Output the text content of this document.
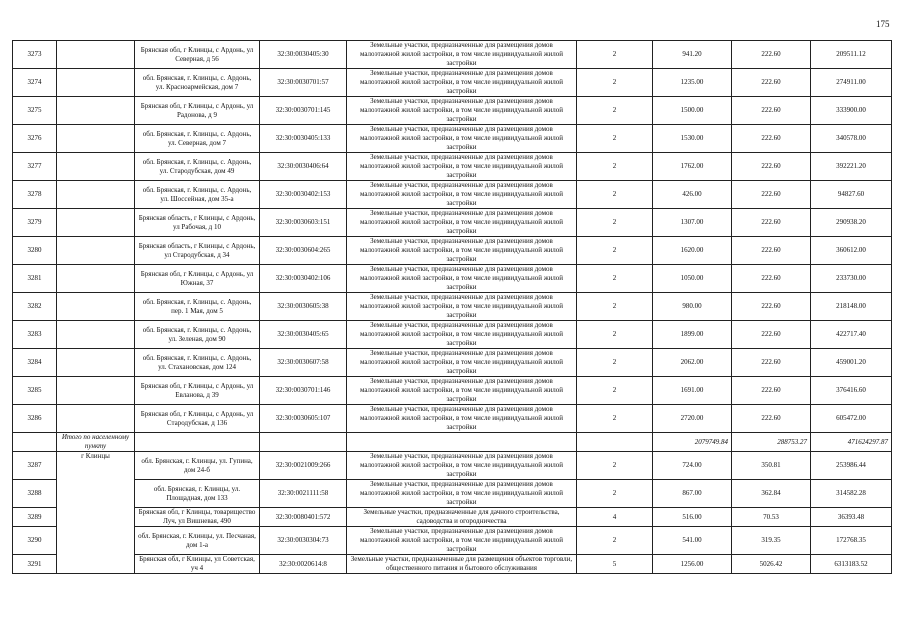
175
3273		Брянская обл, г Клинцы, с Ардонь, ул Северная, д 56	32:30:0030405:30	Земельные участки, предназначенные для размещения домов малоэтажной жилой застройки, в том числе индивидуальной жилой застройки	2	941.20	222.60	209511.12
3274		обл. Брянская, г. Клинцы, с. Ардонь, ул. Красноармейская, дом 7	32:30:0030701:57	Земельные участки, предназначенные для размещения домов малоэтажной жилой застройки, в том числе индивидуальной жилой застройки	2	1235.00	222.60	274911.00
3275		Брянская обл, г Клинцы, с Ардонь, ул Радонова, д 9	32:30:0030701:145	Земельные участки, предназначенные для размещения домов малоэтажной жилой застройки, в том числе индивидуальной жилой застройки	2	1500.00	222.60	333900.00
3276		обл. Брянская, г. Клинцы, с. Ардонь, ул. Северная, дом 7	32:30:0030405:133	Земельные участки, предназначенные для размещения домов малоэтажной жилой застройки, в том числе индивидуальной жилой застройки	2	1530.00	222.60	340578.00
3277		обл. Брянская, г. Клинцы, с. Ардонь, ул. Стародубская, дом 49	32:30:0030406:64	Земельные участки, предназначенные для размещения домов малоэтажной жилой застройки, в том числе индивидуальной жилой застройки	2	1762.00	222.60	392221.20
3278		обл. Брянская, г. Клинцы, с. Ардонь, ул. Шоссейная, дом 35-а	32:30:0030402:153	Земельные участки, предназначенные для размещения домов малоэтажной жилой застройки, в том числе индивидуальной жилой застройки	2	426.00	222.60	94827.60
3279		Брянская область, г Клинцы, с Ардонь, ул Рабочая, д 10	32:30:0030603:151	Земельные участки, предназначенные для размещения домов малоэтажной жилой застройки, в том числе индивидуальной жилой застройки	2	1307.00	222.60	290938.20
3280		Брянская область, г Клинцы, с Ардонь, ул Стародубская, д 34	32:30:0030604:265	Земельные участки, предназначенные для размещения домов малоэтажной жилой застройки, в том числе индивидуальной жилой застройки	2	1620.00	222.60	360612.00
3281		Брянская обл, г Клинцы, с Ардонь, ул Южная, 37	32:30:0030402:106	Земельные участки, предназначенные для размещения домов малоэтажной жилой застройки, в том числе индивидуальной жилой застройки	2	1050.00	222.60	233730.00
3282		обл. Брянская, г. Клинцы, с. Ардонь, пер. 1 Мая, дом 5	32:30:0030605:38	Земельные участки, предназначенные для размещения домов малоэтажной жилой застройки, в том числе индивидуальной жилой застройки	2	980.00	222.60	218148.00
3283		обл. Брянская, г. Клинцы, с. Ардонь, ул. Зеленая, дом 90	32:30:0030405:65	Земельные участки, предназначенные для размещения домов малоэтажной жилой застройки, в том числе индивидуальной жилой застройки	2	1899.00	222.60	422717.40
3284		обл. Брянская, г. Клинцы, с. Ардонь, ул. Стахановская, дом 124	32:30:0030607:58	Земельные участки, предназначенные для размещения домов малоэтажной жилой застройки, в том числе индивидуальной жилой застройки	2	2062.00	222.60	459001.20
3285		Брянская обл, г Клинцы, с Ардонь, ул Евланова, д 39	32:30:0030701:146	Земельные участки, предназначенные для размещения домов малоэтажной жилой застройки, в том числе индивидуальной жилой застройки	2	1691.00	222.60	376416.60
3286		Брянская обл, г Клинцы, с Ардонь, ул Стародубская, д 136	32:30:0030605:107	Земельные участки, предназначенные для размещения домов малоэтажной жилой застройки, в том числе индивидуальной жилой застройки	2	2720.00	222.60	605472.00
	Итого по населенному пункту					2079749.84	288753.27	471624297.87
3287	г Клинцы	обл. Брянская, г. Клинцы, ул. Гупина, дом 24-б	32:30:0021009:266	Земельные участки, предназначенные для размещения домов малоэтажной жилой застройки, в том числе индивидуальной жилой застройки	2	724.00	350.81	253986.44
3288		обл. Брянская, г. Клинцы, ул. Площадная, дом 133	32:30:0021111:58	Земельные участки, предназначенные для размещения домов малоэтажной жилой застройки, в том числе индивидуальной жилой застройки	2	867.00	362.84	314582.28
3289		Брянская обл, г Клинцы, товарищество Луч, ул Вишневая, 490	32:30:0080401:572	Земельные участки, предназначенные для дачного строительства, садоводства и огородничества	4	516.00	70.53	36393.48
3290		обл. Брянская, г. Клинцы, ул. Песчаная, дом 1-а	32:30:0030304:73	Земельные участки, предназначенные для размещения домов малоэтажной жилой застройки, в том числе индивидуальной жилой застройки	2	541.00	319.35	172768.35
3291		Брянская обл, г Клинцы, ул Советская, уч 4	32:30:0020614:8	Земельные участки, предназначенные для размещения объектов торговли, общественного питания и бытового обслуживания	5	1256.00	5026.42	6313183.52
